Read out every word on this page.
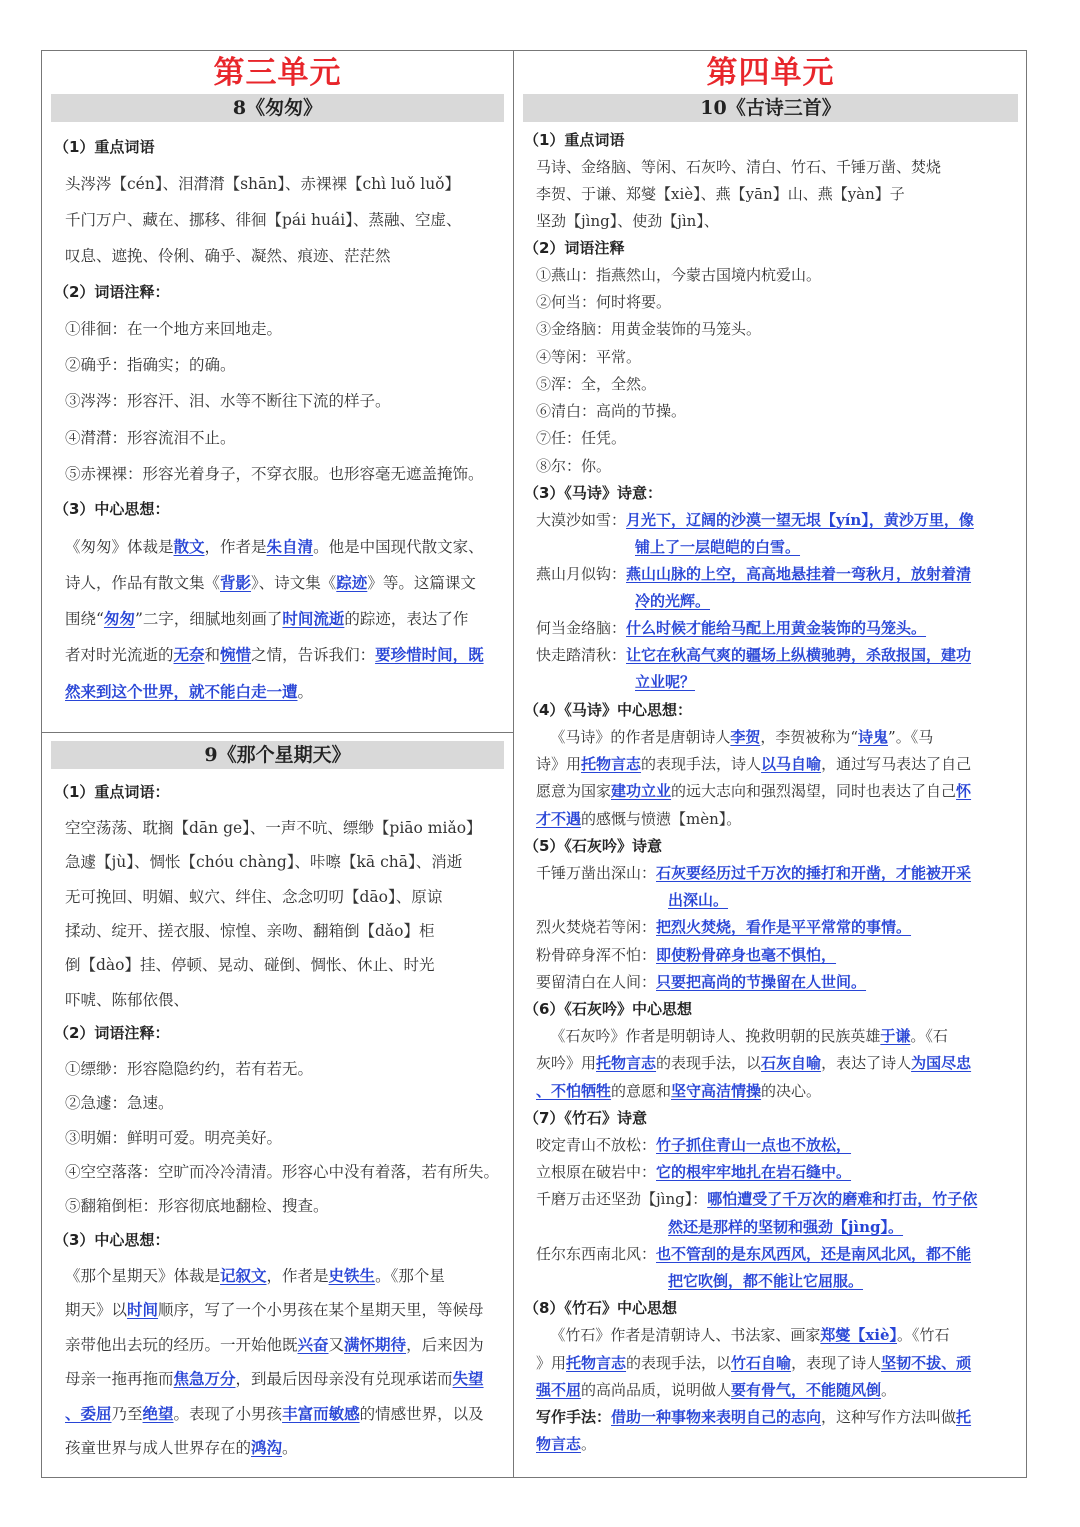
第三单元
8《匆匆》
（1）重点词语
头涔涔【cén】、泪潸潸【shān】、赤裸裸【chì luǒ luǒ】
千门万户、藏在、挪移、徘徊【pái huái】、蒸融、空虚、
叹息、遮挽、伶俐、确乎、凝然、痕迹、茫茫然
（2）词语注释：
①徘徊：在一个地方来回地走。
②确乎：指确实；的确。
③涔涔：形容汗、泪、水等不断往下流的样子。
④潸潸：形容流泪不止。
⑤赤裸裸：形容光着身子，不穿衣服。也形容毫无遮盖掩饰。
（3）中心思想：
《匆匆》体裁是散文，作者是朱自清。他是中国现代散文家、
诗人，作品有散文集《背影》、诗文集《踪迹》等。这篇课文
围绕“匆匆”二字，细腻地刻画了时间流逝的踪迹，表达了作
者对时光流逝的无奈和惋惜之情，告诉我们：要珍惜时间，既
然来到这个世界，就不能白走一遭。
9《那个星期天》
（1）重点词语：
空空荡荡、耽搁【dān ge】、一声不吭、缥缈【piāo miǎo】
急遽【jù】、惆怅【chóu chàng】、咔嚓【kā chā】、消逝
无可挽回、明媚、蚁穴、绊住、念念叨叨【dāo】、原谅
揉动、绽开、搓衣服、惊惶、亲吻、翻箱倒【dǎo】柜
倒【dào】挂、停顿、晃动、碰倒、惆怅、休止、时光
吓唬、陈郁依偎、
（2）词语注释：
①缥缈：形容隐隐约约，若有若无。
②急遽：急速。
③明媚：鲜明可爱。明亮美好。
④空空落落：空旷而冷冷清清。形容心中没有着落，若有所失。
⑤翻箱倒柜：形容彻底地翻检、搜查。
（3）中心思想：
《那个星期天》体裁是记叙文，作者是史铁生。《那个星
期天》以时间顺序，写了一个小男孩在某个星期天里，等候母
亲带他出去玩的经历。一开始他既兴奋又满怀期待，后来因为
母亲一拖再拖而焦急万分，到最后因母亲没有兑现承诺而失望
、委屈乃至绝望。表现了小男孩丰富而敏感的情感世界，以及
孩童世界与成人世界存在的鸿沟。
第四单元
10《古诗三首》
（1）重点词语
马诗、金络脑、等闲、石灰吟、清白、竹石、千锤万凿、焚烧
李贺、于谦、郑燮【xiè】、燕【yān】山、燕【yàn】子
坚劲【jìng】、使劲【jìn】、
（2）词语注释
①燕山：指燕然山，今蒙古国境内杭爱山。
②何当：何时将要。
③金络脑：用黄金装饰的马笼头。
④等闲：平常。
⑤浑：全，全然。
⑥清白：高尚的节操。
⑦任：任凭。
⑧尔：你。
（3）《马诗》诗意：
大漠沙如雪：月光下，辽阔的沙漠一望无垠【yín】，黄沙万里，像
铺上了一层皑皑的白雪。
燕山月似钩：燕山山脉的上空，高高地悬挂着一弯秋月，放射着清
冷的光辉。
何当金络脑：什么时候才能给马配上用黄金装饰的马笼头。
快走踏清秋：让它在秋高气爽的疆场上纵横驰骋，杀敌报国，建功
立业呢？
（4）《马诗》中心思想：
《马诗》的作者是唐朝诗人李贺，李贺被称为“诗鬼”。《马
诗》用托物言志的表现手法，诗人以马自喻，通过写马表达了自己
愿意为国家建功立业的远大志向和强烈渴望，同时也表达了自己怀
才不遇的感慨与愤懑【mèn】。
（5）《石灰吟》诗意
千锤万凿出深山：石灰要经历过千万次的捶打和开凿，才能被开采
出深山。
烈火焚烧若等闲：把烈火焚烧，看作是平平常常的事情。
粉骨碎身浑不怕：即使粉骨碎身也毫不惧怕，
要留清白在人间：只要把高尚的节操留在人世间。
（6）《石灰吟》中心思想
《石灰吟》作者是明朝诗人、挽救明朝的民族英雄于谦。《石
灰吟》用托物言志的表现手法，以石灰自喻，表达了诗人为国尽忠
、不怕牺牲的意愿和坚守高洁情操的决心。
（7）《竹石》诗意
咬定青山不放松：竹子抓住青山一点也不放松，
立根原在破岩中：它的根牢牢地扎在岩石缝中。
千磨万击还坚劲【jìng】：哪怕遭受了千万次的磨难和打击，竹子依
然还是那样的坚韧和强劲【jìng】。
任尔东西南北风：也不管刮的是东风西风，还是南风北风，都不能
把它吹倒，都不能让它屈服。
（8）《竹石》中心思想
《竹石》作者是清朝诗人、书法家、画家郑燮【xiè】。《竹石
》用托物言志的表现手法，以竹石自喻，表现了诗人坚韧不拔、顽
强不屈的高尚品质，说明做人要有骨气，不能随风倒。
写作手法：借助一种事物来表明自己的志向，这种写作方法叫做托
物言志。
